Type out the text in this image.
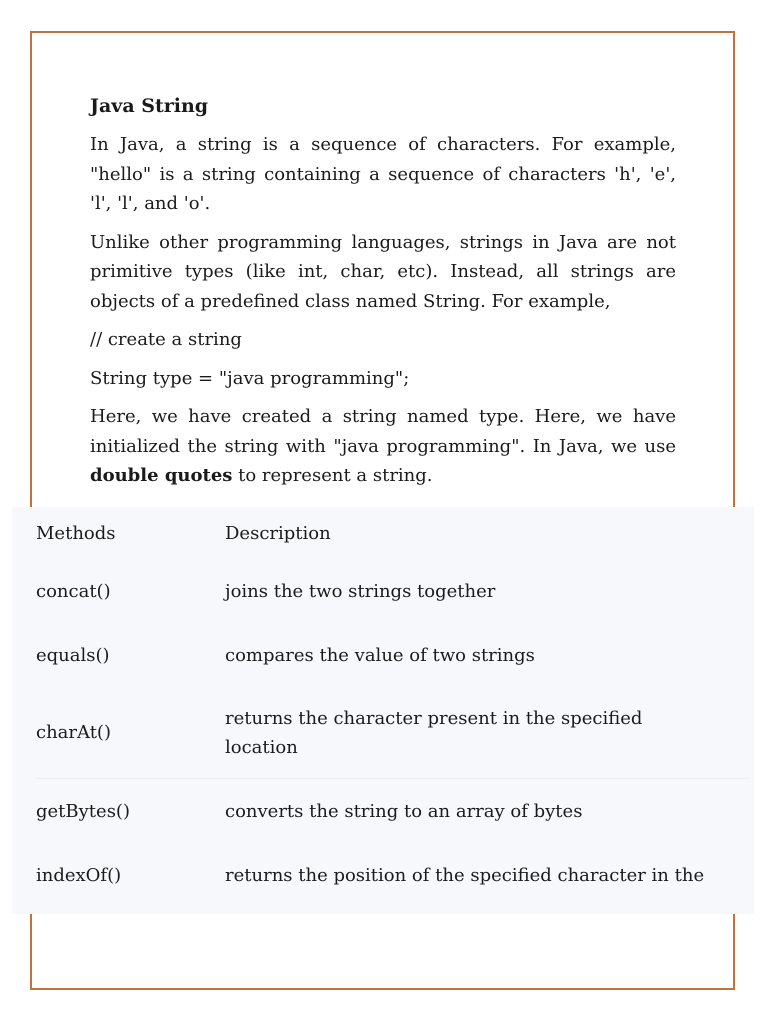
Java String

In Java, a string is a sequence of characters. For example, "hello" is a string containing a sequence of characters 'h', 'e', 'l', 'l', and 'o'.

Unlike other programming languages, strings in Java are not primitive types (like int, char, etc). Instead, all strings are objects of a predefined class named String. For example,

// create a string

String type = "java programming";

Here, we have created a string named type. Here, we have initialized the string with "java programming". In Java, we use double quotes to represent a string.

Methods	Description
concat()	joins the two strings together
equals()	compares the value of two strings
charAt()	returns the character present in the specified location
getBytes()	converts the string to an array of bytes
indexOf()	returns the position of the specified character in the
